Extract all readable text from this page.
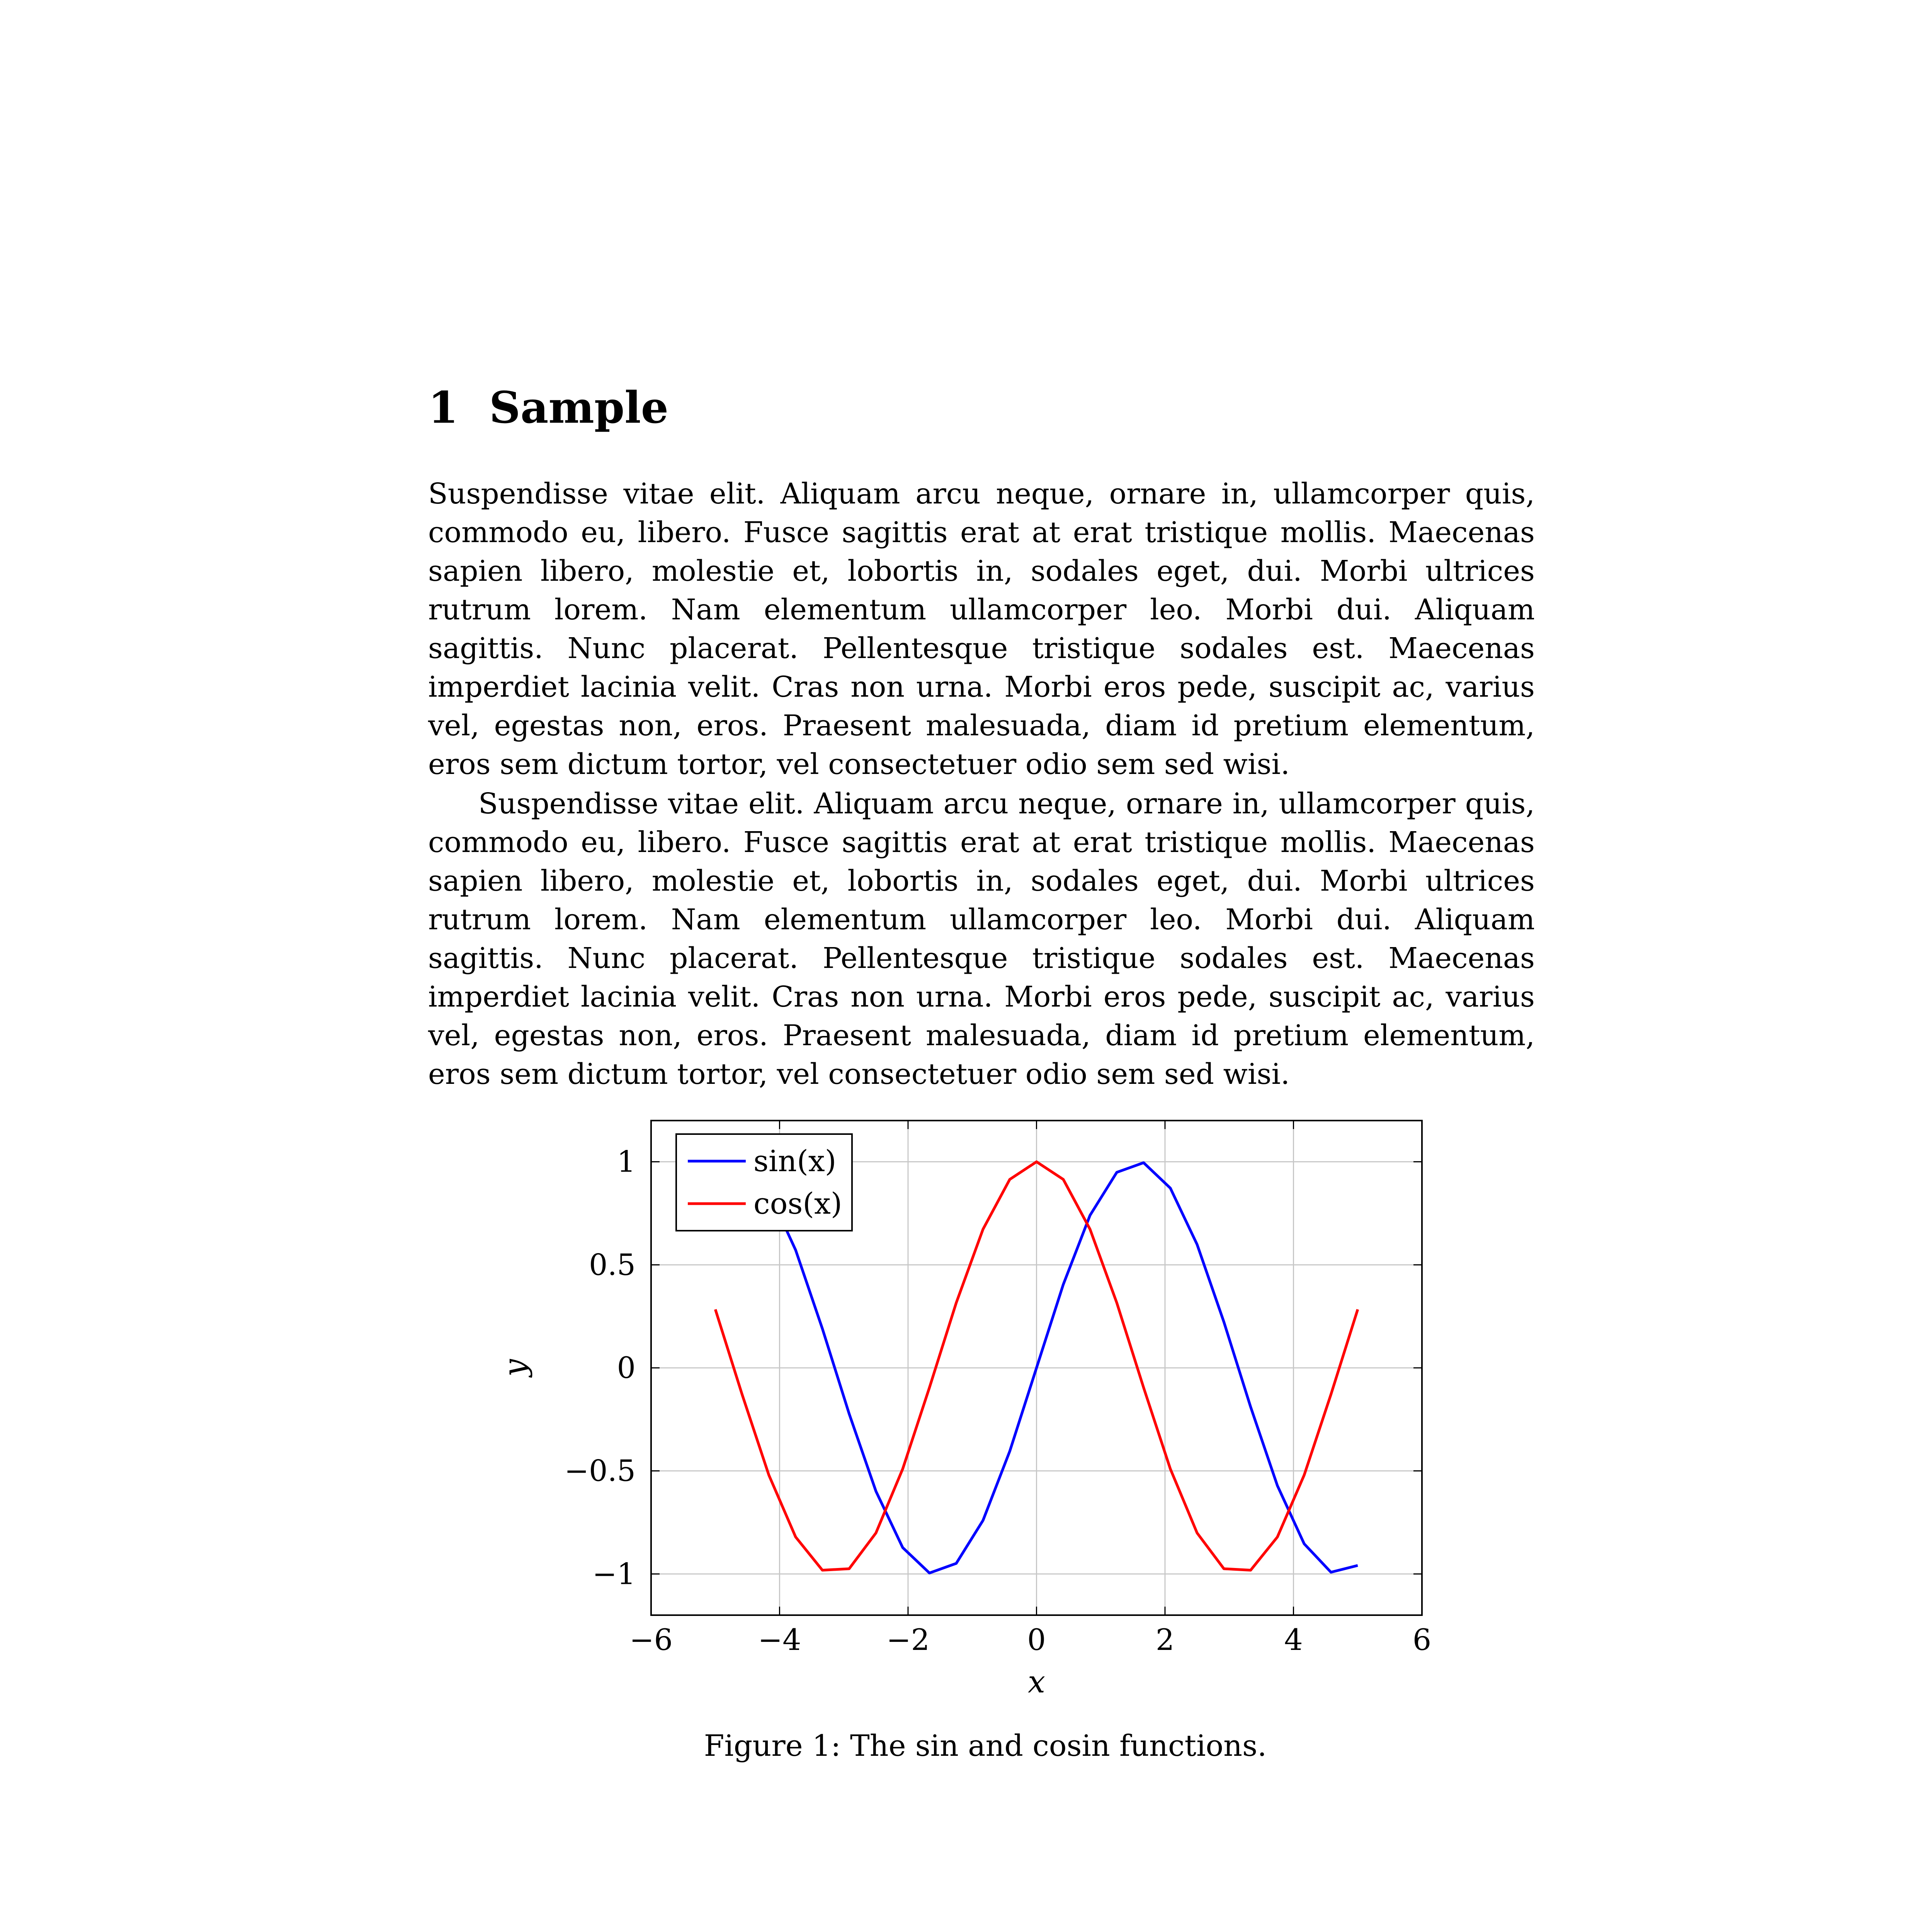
1 Sample

Suspendisse vitae elit. Aliquam arcu neque, ornare in, ullamcorper quis, commodo eu, libero. Fusce sagittis erat at erat tristique mollis. Maecenas sapien libero, molestie et, lobortis in, sodales eget, dui. Morbi ultrices rutrum lorem. Nam elementum ullamcorper leo. Morbi dui. Aliquam sagittis. Nunc placerat. Pellentesque tristique sodales est. Maecenas imperdiet lacinia velit. Cras non urna. Morbi eros pede, suscipit ac, varius vel, egestas non, eros. Praesent malesuada, diam id pretium elementum, eros sem dictum tortor, vel consectetuer odio sem sed wisi.

Suspendisse vitae elit. Aliquam arcu neque, ornare in, ullamcorper quis, commodo eu, libero. Fusce sagittis erat at erat tristique mollis. Maecenas sapien libero, molestie et, lobortis in, sodales eget, dui. Morbi ultrices rutrum lorem. Nam elementum ullamcorper leo. Morbi dui. Aliquam sagittis. Nunc placerat. Pellentesque tristique sodales est. Maecenas imperdiet lacinia velit. Cras non urna. Morbi eros pede, suscipit ac, varius vel, egestas non, eros. Praesent malesuada, diam id pretium elementum, eros sem dictum tortor, vel consectetuer odio sem sed wisi.

−6	−4	−2	0	2	4	6
−1
−0.5
0
0.5
1
x
y
sin(x)
cos(x)
Figure 1: The sin and cosin functions.
